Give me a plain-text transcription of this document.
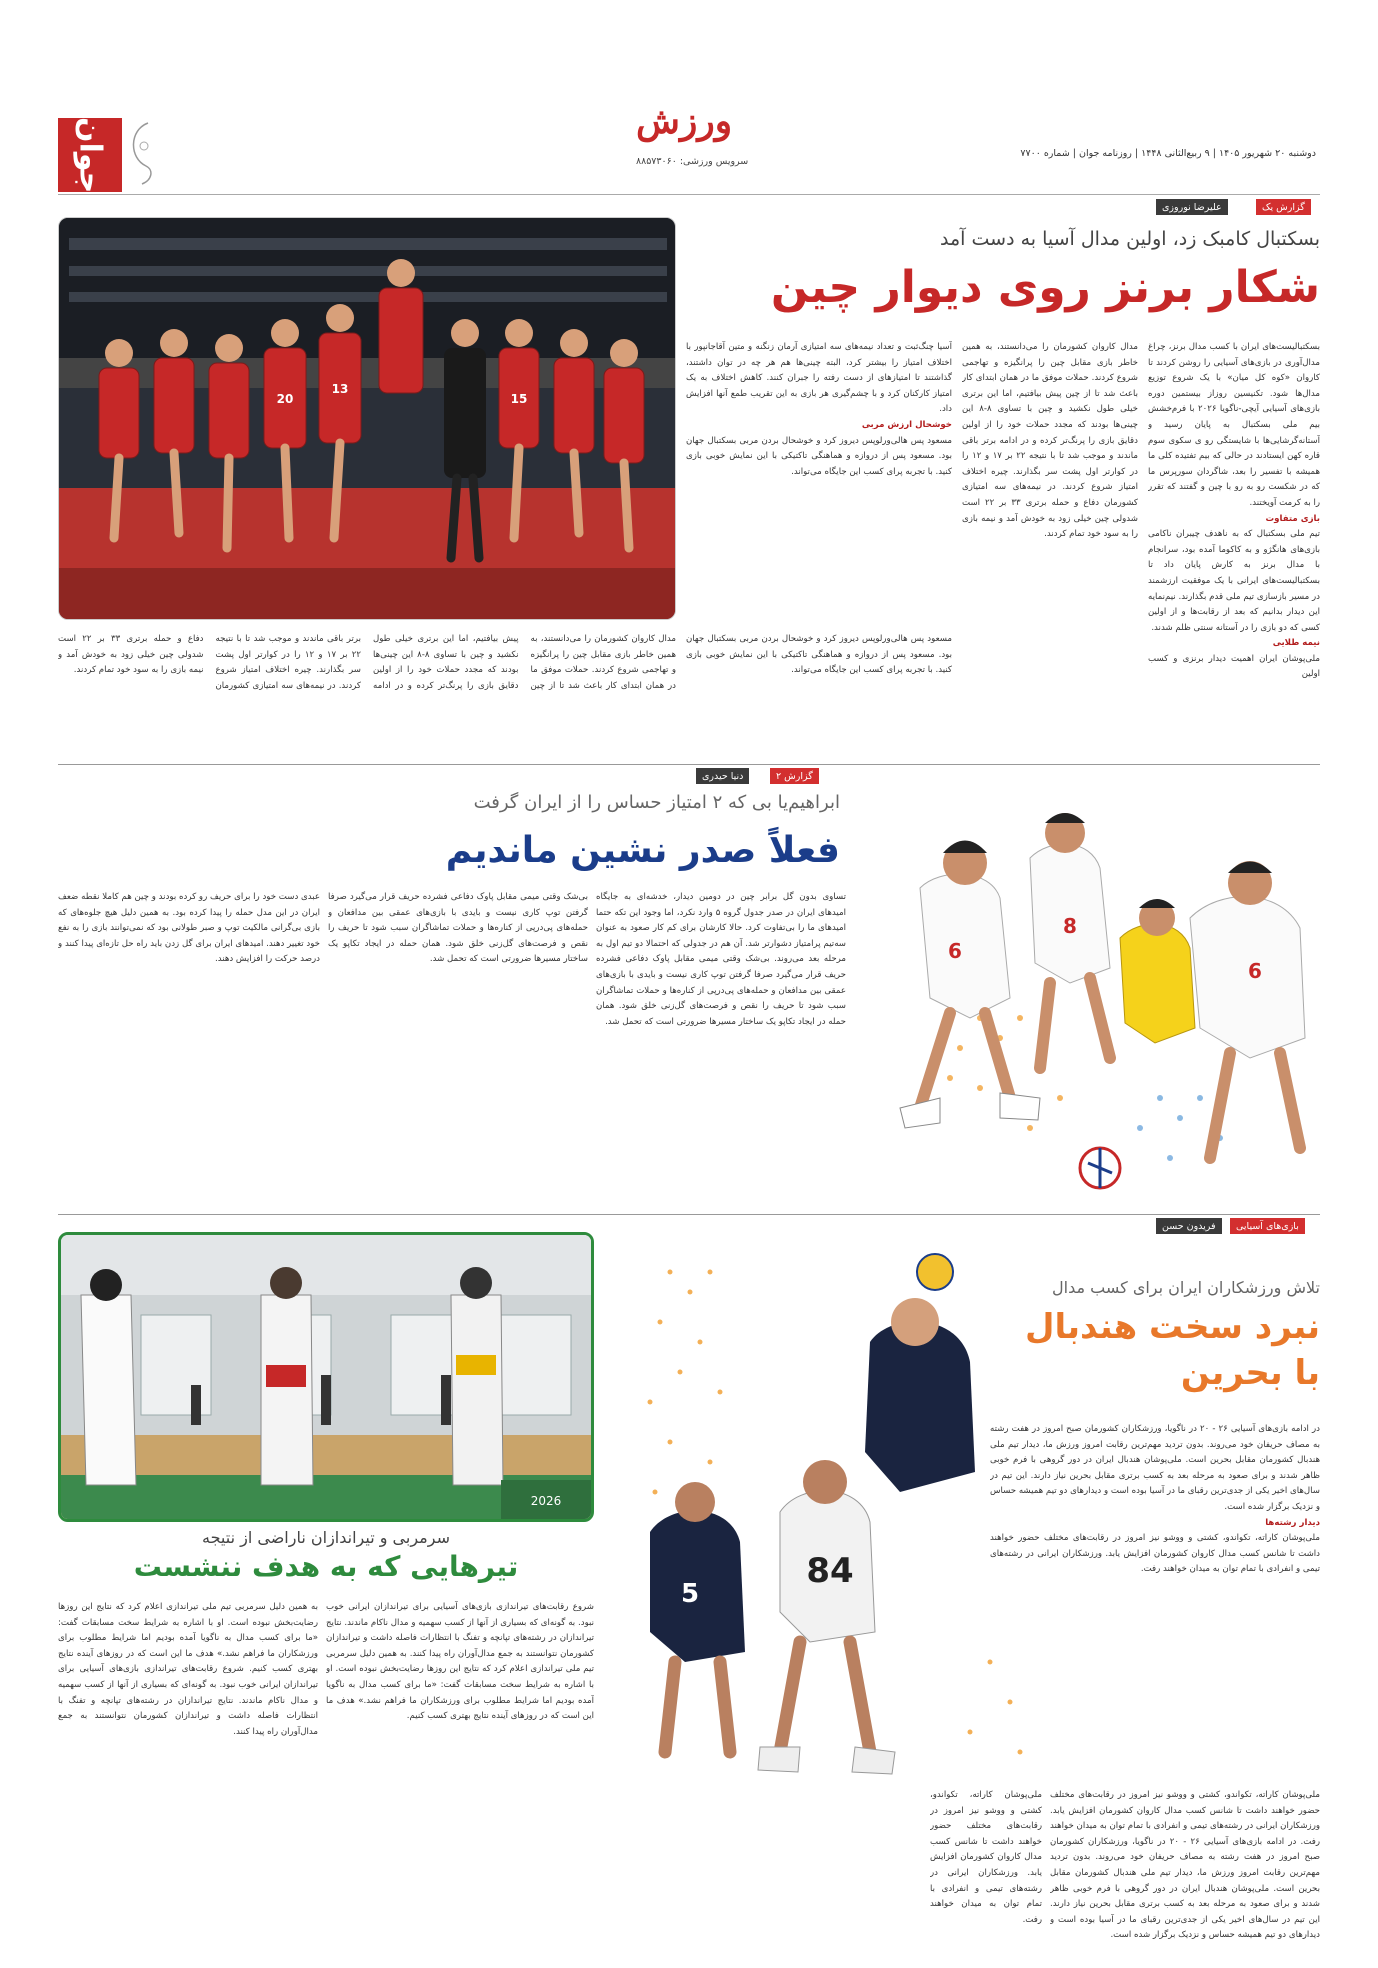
جوان	ورزش
سرویس ورزشی: ۸۸۵۷۳۰۶۰
دوشنبه ۲۰ شهریور ۱۴۰۵ | ۹ ربیع‌الثانی ۱۴۴۸ | روزنامه جوان | شماره ۷۷۰۰
گزارش یک
علیرضا نوروزی
بسکتبال کامبک زد، اولین مدال آسیا به دست آمد
شکار برنز روی دیوار چین
13
20	15
بسکتبالیست‌های ایران با کسب مدال برنز، چراغ مدال‌آوری در بازی‌های آسیایی را روشن کردند تا کاروان «کوه کل میان» با یک شروع توزیع مدال‌ها شود. تکنیسین روزاز بیستمین دوره بازی‌های آسیایی آیچی-ناگویا ۲۰۲۶ با فرم‌خشش بیم ملی بسکتبال به پایان رسید و آستانه‌گرشایی‌ها با شایستگی رو ی سکوی سوم قاره کهن ایستادند در حالی که بیم تفتیده کلی ما همیشه با تفسیر را بعد، شاگردان سورپرس ما که در شکست رو به رو با چین و گفتند که تقرر را به کرمت آویختند.
بازی متفاوت
تیم ملی بسکتبال که به ناهدف چیبران ناکامی بازی‌های هانگژو و به کاکوما آمده بود، سرانجام با مدال برنز به کارش پایان داد تا بسکتبالیست‌های ایرانی با یک موفقیت ارزشمند در مسیر بازسازی تیم ملی قدم بگذارند. نیم‌نمایه این دیدار بدانیم که بعد از رقابت‌ها و از اولین کسی که دو بازی را در آستانه سنتی ظلم شدند.
نیمه طلایی
ملی‌پوشان ایران اهمیت دیدار برنزی و کسب اولین
مدال کاروان کشورمان را می‌دانستند، به همین خاطر بازی مقابل چین را پرانگیزه و تهاجمی شروع کردند. حملات موفق ما در همان ابتدای کار باعث شد تا از چین پیش بیافتیم، اما این برتری خیلی طول نکشید و چین با تساوی ۸-۸ این چینی‌ها بودند که مجدد حملات خود را از اولین دقایق بازی را پرنگ‌تر کرده و در ادامه برتر باقی ماندند و موجب شد تا با نتیجه ۲۲ بر ۱۷ و ۱۲ را در کوارتر اول پشت سر بگذارند. چیره اختلاف امتیاز شروع کردند. در نیمه‌های سه امتیازی کشورمان دفاع و حمله برتری ۳۳ بر ۲۲ است شدولی چین خیلی زود به خودش آمد و نیمه بازی را به سود خود تمام کردند.
آسیا چنگ‌ثبت و تعداد نیمه‌های سه امتیازی آرمان زنگنه و متین آقاجانپور با اختلاف امتیاز را بیشتر کرد، البته چینی‌ها هم هر چه در توان داشتند، گذاشتند تا امتیازهای از دست رفته را جبران کنند. کاهش اختلاف به یک امتیاز کارکنان کرد و با چشم‌گیری هر بازی به این تقریب طمع آنها افزایش داد.
خوشحال ارزش مربی
مسعود پس هالی‌ورلوپس دیروز کرد و خوشحال بردن مربی بسکتبال جهان بود. مسعود پس از دروازه و هماهنگی تاکتیکی با این نمایش خوبی بازی کنید. با تجربه پرای کسب این جایگاه می‌تواند.
مسعود پس هالی‌ورلوپس دیروز کرد و خوشحال بردن مربی بسکتبال جهان بود. مسعود پس از دروازه و هماهنگی تاکتیکی با این نمایش خوبی بازی کنید. با تجربه پرای کسب این جایگاه می‌تواند.
مدال کاروان کشورمان را می‌دانستند، به همین خاطر بازی مقابل چین را پرانگیزه و تهاجمی شروع کردند. حملات موفق ما در همان ابتدای کار باعث شد تا از چین پیش بیافتیم، اما این برتری خیلی طول نکشید و چین با تساوی ۸-۸ این چینی‌ها بودند که مجدد حملات خود را از اولین دقایق بازی را پرنگ‌تر کرده و در ادامه برتر باقی ماندند و موجب شد تا با نتیجه ۲۲ بر ۱۷ و ۱۲ را در کوارتر اول پشت سر بگذارند. چیره اختلاف امتیاز شروع کردند. در نیمه‌های سه امتیازی کشورمان دفاع و حمله برتری ۳۳ بر ۲۲ است شدولی چین خیلی زود به خودش آمد و نیمه بازی را به سود خود تمام کردند.
گزارش ۲
دنیا حیدری
ابراهیم‌یا بی که ۲ امتیاز حساس را از ایران گرفت
فعلاً صدر نشین ماندیم
6
6
8
تساوی بدون گل برابر چین در دومین دیدار، خدشه‌ای به جایگاه امیدهای ایران در صدر جدول گروه ۵ وارد نکرد، اما وجود این تکه حتما امیدهای ما را بی‌تفاوت کرد. حالا کارشان برای کم کار صعود به عنوان سه‌تیم پرامتیاز دشوارتر شد. آن هم در جدولی که احتمالا دو تیم اول به مرحله بعد می‌روند. بی‌شک وقتی میمی مقابل پاوک دفاعی فشرده حریف قرار می‌گیرد صرفا گرفتن توپ کاری نیست و بایدی با بازی‌های عمقی بین مدافعان و حمله‌های پی‌درپی از کناره‌ها و حملات تماشاگران سبب شود تا حریف را نقص و فرصت‌های گل‌زنی خلق شود. همان حمله در ایجاد تکاپو یک ساختار مسیرها ضرورتی است که تحمل شد.
بی‌شک وقتی میمی مقابل پاوک دفاعی فشرده حریف قرار می‌گیرد صرفا گرفتن توپ کاری نیست و بایدی با بازی‌های عمقی بین مدافعان و حمله‌های پی‌درپی از کناره‌ها و حملات تماشاگران سبب شود تا حریف را نقص و فرصت‌های گل‌زنی خلق شود. همان حمله در ایجاد تکاپو یک ساختار مسیرها ضرورتی است که تحمل شد.
عبدی دست خود را برای حریف رو کرده بودند و چین هم کاملا نقطه ضعف ایران در این مدل حمله را پیدا کرده بود. به همین دلیل هیچ جلوه‌های که بازی بی‌گرانی مالکیت توپ و صبر طولانی بود که نمی‌توانند بازی را به نفع خود تغییر دهند. امیدهای ایران برای گل زدن باید راه حل تازه‌ای پیدا کنند و درصد حرکت را افزایش دهند.
بازی‌های آسیایی
فریدون حسن
84
5
تلاش ورزشکاران ایران برای کسب مدال
نبرد سخت هندبال
با بحرین
در ادامه بازی‌های آسیایی ۲۶ - ۲۰ در ناگویا، ورزشکاران کشورمان صبح امروز در هفت رشته به مصاف حریفان خود می‌روند. بدون تردید مهم‌ترین رقابت امروز ورزش ما، دیدار تیم ملی هندبال کشورمان مقابل بحرین است. ملی‌پوشان هندبال ایران در دور گروهی با فرم خوبی ظاهر شدند و برای صعود به مرحله بعد به کسب برتری مقابل بحرین نیاز دارند. این تیم در سال‌های اخیر یکی از جدی‌ترین رقبای ما در آسیا بوده است و دیدارهای دو تیم همیشه حساس و نزدیک برگزار شده است.
دیدار رشته‌ها
ملی‌پوشان کاراته، تکواندو، کشتی و ووشو نیز امروز در رقابت‌های مختلف حضور خواهند داشت تا شانس کسب مدال کاروان کشورمان افزایش یابد. ورزشکاران ایرانی در رشته‌های تیمی و انفرادی با تمام توان به میدان خواهند رفت.
ملی‌پوشان کاراته، تکواندو، کشتی و ووشو نیز امروز در رقابت‌های مختلف حضور خواهند داشت تا شانس کسب مدال کاروان کشورمان افزایش یابد. ورزشکاران ایرانی در رشته‌های تیمی و انفرادی با تمام توان به میدان خواهند رفت. در ادامه بازی‌های آسیایی ۲۶ - ۲۰ در ناگویا، ورزشکاران کشورمان صبح امروز در هفت رشته به مصاف حریفان خود می‌روند. بدون تردید مهم‌ترین رقابت امروز ورزش ما، دیدار تیم ملی هندبال کشورمان مقابل بحرین است. ملی‌پوشان هندبال ایران در دور گروهی با فرم خوبی ظاهر شدند و برای صعود به مرحله بعد به کسب برتری مقابل بحرین نیاز دارند. این تیم در سال‌های اخیر یکی از جدی‌ترین رقبای ما در آسیا بوده است و دیدارهای دو تیم همیشه حساس و نزدیک برگزار شده است.
ملی‌پوشان کاراته، تکواندو، کشتی و ووشو نیز امروز در رقابت‌های مختلف حضور خواهند داشت تا شانس کسب مدال کاروان کشورمان افزایش یابد. ورزشکاران ایرانی در رشته‌های تیمی و انفرادی با تمام توان به میدان خواهند رفت.
2026
سرمربی و تیراندازان ناراضی از نتیجه
تیرهایی که به هدف ننشست
شروع رقابت‌های تیراندازی بازی‌های آسیایی برای تیراندازان ایرانی خوب نبود. به گونه‌ای که بسیاری از آنها از کسب سهمیه و مدال ناکام ماندند. نتایج تیراندازان در رشته‌های تپانچه و تفنگ با انتظارات فاصله داشت و تیراندازان کشورمان نتوانستند به جمع مدال‌آوران راه پیدا کنند. به همین دلیل سرمربی تیم ملی تیراندازی اعلام کرد که نتایج این روزها رضایت‌بخش نبوده است. او با اشاره به شرایط سخت مسابقات گفت: «ما برای کسب مدال به ناگویا آمده بودیم اما شرایط مطلوب برای ورزشکاران ما فراهم نشد.» هدف ما این است که در روزهای آینده نتایج بهتری کسب کنیم.
به همین دلیل سرمربی تیم ملی تیراندازی اعلام کرد که نتایج این روزها رضایت‌بخش نبوده است. او با اشاره به شرایط سخت مسابقات گفت: «ما برای کسب مدال به ناگویا آمده بودیم اما شرایط مطلوب برای ورزشکاران ما فراهم نشد.» هدف ما این است که در روزهای آینده نتایج بهتری کسب کنیم. شروع رقابت‌های تیراندازی بازی‌های آسیایی برای تیراندازان ایرانی خوب نبود. به گونه‌ای که بسیاری از آنها از کسب سهمیه و مدال ناکام ماندند. نتایج تیراندازان در رشته‌های تپانچه و تفنگ با انتظارات فاصله داشت و تیراندازان کشورمان نتوانستند به جمع مدال‌آوران راه پیدا کنند.
